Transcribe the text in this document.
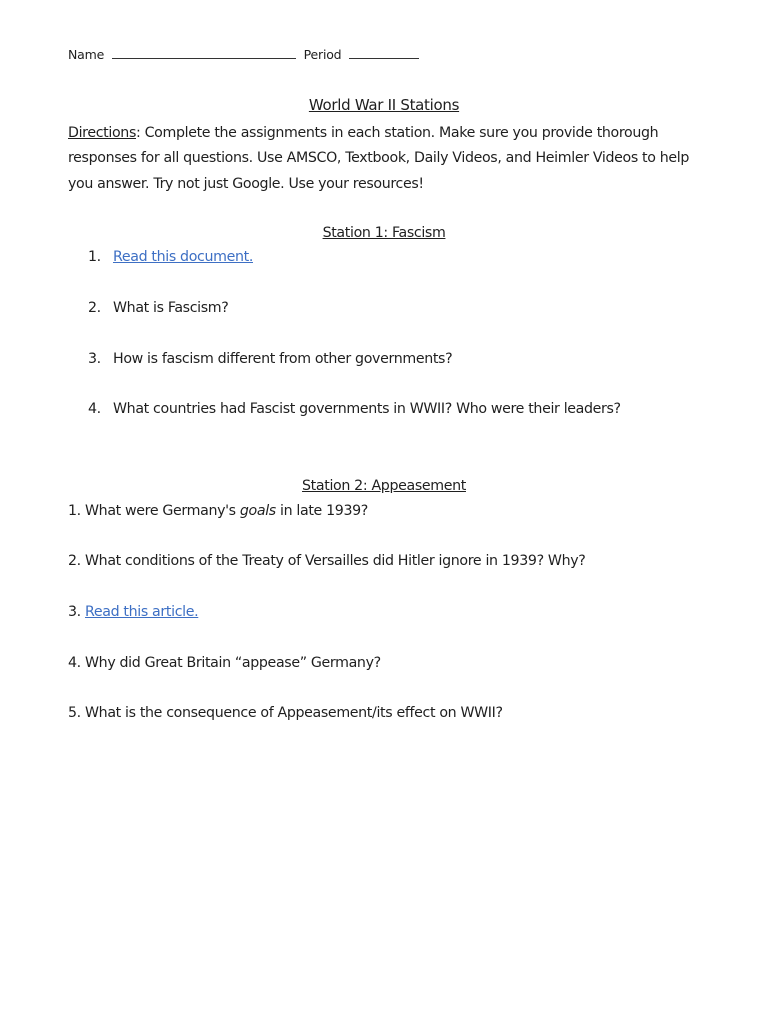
Name	Period
World War II Stations
Directions: Complete the assignments in each station. Make sure you provide thorough responses for all questions. Use AMSCO, Textbook, Daily Videos, and Heimler Videos to help you answer. Try not just Google. Use your resources!
Station 1: Fascism
1. Read this document.
2. What is Fascism?
3. How is fascism different from other governments?
4. What countries had Fascist governments in WWII? Who were their leaders?
Station 2: Appeasement
1. What were Germany's goals in late 1939?
2. What conditions of the Treaty of Versailles did Hitler ignore in 1939? Why?
3. Read this article.
4. Why did Great Britain “appease” Germany?
5. What is the consequence of Appeasement/its effect on WWII?
